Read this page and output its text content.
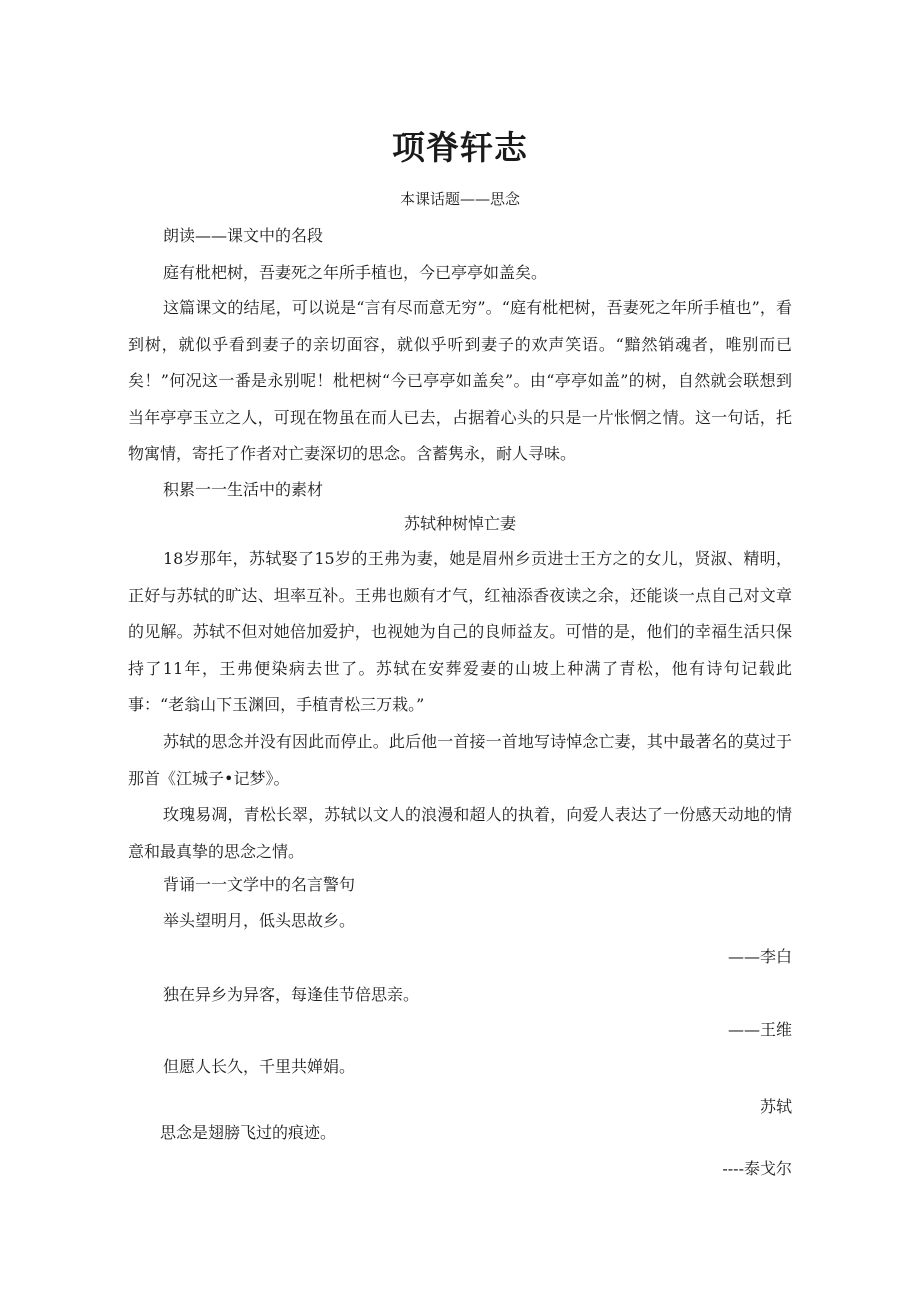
项脊轩志
本课话题——思念
朗读——课文中的名段
庭有枇杷树，吾妻死之年所手植也，今已亭亭如盖矣。

这篇课文的结尾，可以说是“言有尽而意无穷”。“庭有枇杷树，吾妻死之年所手植也”，看到树，就似乎看到妻子的亲切面容，就似乎听到妻子的欢声笑语。“黯然销魂者，唯别而已矣！”何况这一番是永别呢！枇杷树“今已亭亭如盖矣”。由“亭亭如盖”的树，自然就会联想到当年亭亭玉立之人，可现在物虽在而人已去，占据着心头的只是一片怅惘之情。这一句话，托物寓情，寄托了作者对亡妻深切的思念。含蓄隽永，耐人寻味。

积累一一生活中的素材
苏轼种树悼亡妻

18岁那年，苏轼娶了15岁的王弗为妻，她是眉州乡贡进士王方之的女儿，贤淑、精明，正好与苏轼的旷达、坦率互补。王弗也颇有才气，红袖添香夜读之余，还能谈一点自己对文章的见解。苏轼不但对她倍加爱护，也视她为自己的良师益友。可惜的是，他们的幸福生活只保持了11年，王弗便染病去世了。苏轼在安葬爱妻的山坡上种满了青松，他有诗句记载此事：“老翁山下玉渊回，手植青松三万栽。”

苏轼的思念并没有因此而停止。此后他一首接一首地写诗悼念亡妻，其中最著名的莫过于那首《江城子•记梦》。

玫瑰易凋，青松长翠，苏轼以文人的浪漫和超人的执着，向爱人表达了一份感天动地的情意和最真挚的思念之情。

背诵一一文学中的名言警句
举头望明月，低头思故乡。
——李白
独在异乡为异客，每逢佳节倍思亲。
——王维
但愿人长久，千里共婵娟。
苏轼
思念是翅膀飞过的痕迹。
----泰戈尔
